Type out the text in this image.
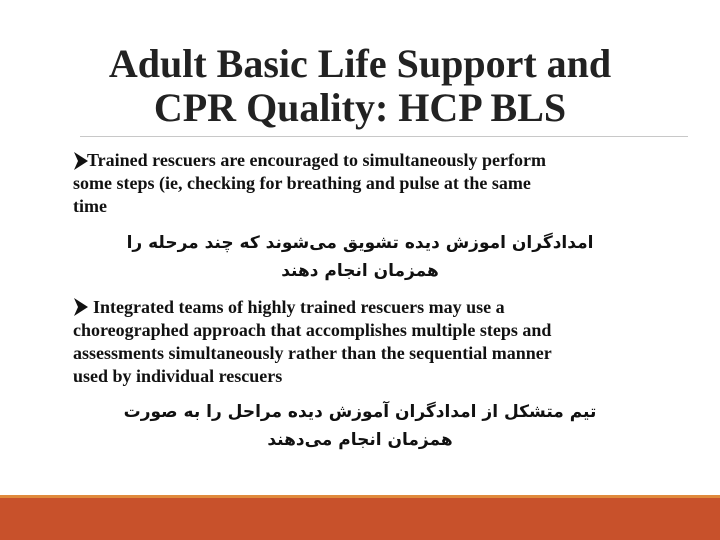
Adult Basic Life Support and
CPR Quality: HCP BLS
Trained rescuers are encouraged to simultaneously perform
some steps (ie, checking for breathing and pulse at the same
time
امدادگران اموزش دیده تشویق می‌شوند که چند مرحله را
همزمان انجام دهند
Integrated teams of highly trained rescuers may use a
choreographed approach that accomplishes multiple steps and
assessments simultaneously rather than the sequential manner
used by individual rescuers
تیم متشکل از امدادگران آموزش دیده مراحل را به صورت
همزمان انجام می‌دهند
